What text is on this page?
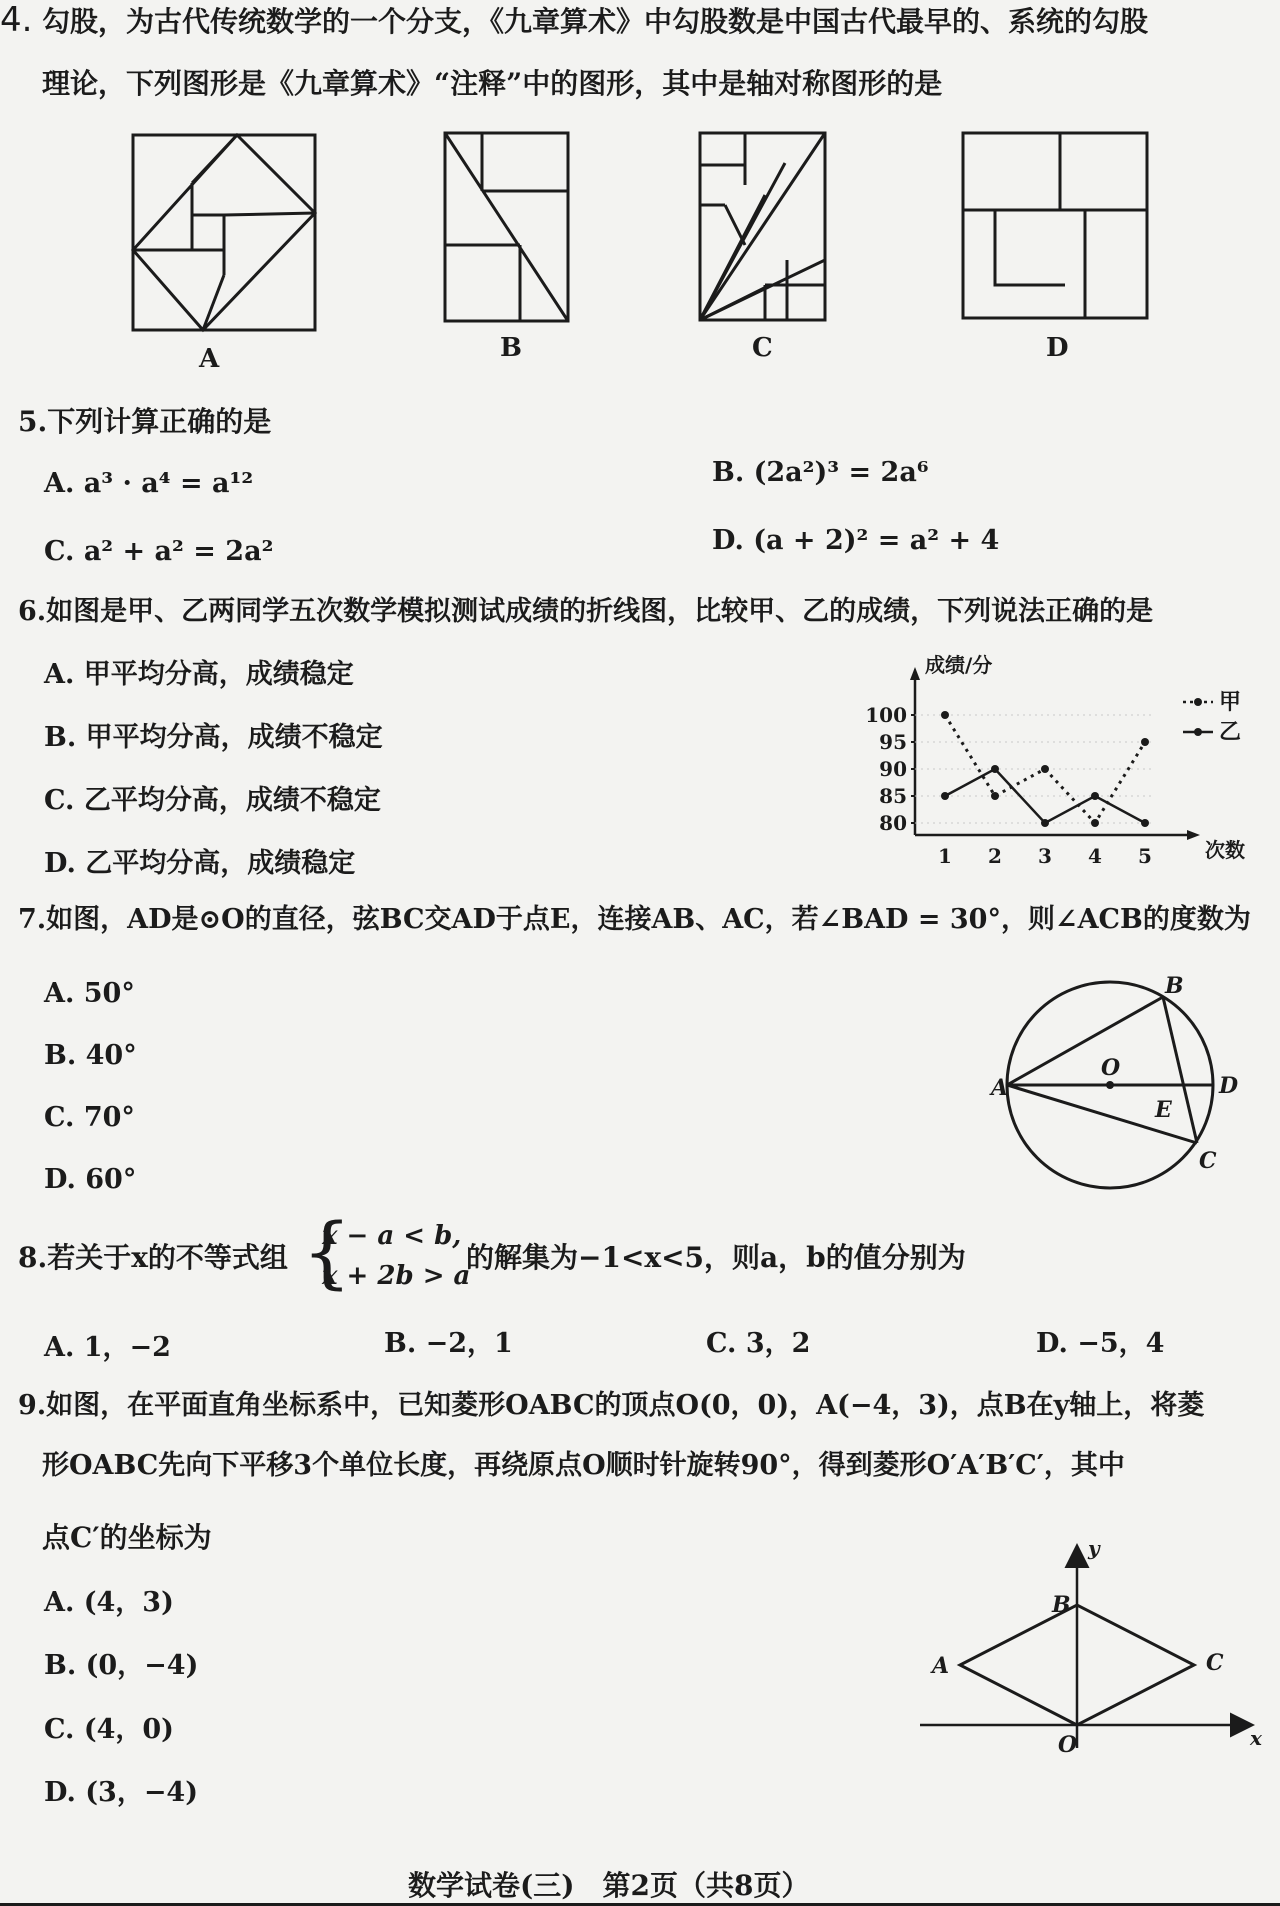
4. 勾股，为古代传统数学的一个分支，《九章算术》中勾股数是中国古代最早的、系统的勾股
理论，下列图形是《九章算术》“注释”中的图形，其中是轴对称图形的是
A	B	C	D
5.下列计算正确的是
A. a³ · a⁴ = a¹²	B. (2a²)³ = 2a⁶
C. a² + a² = 2a²	D. (a + 2)² = a² + 4
6.如图是甲、乙两同学五次数学模拟测试成绩的折线图，比较甲、乙的成绩，下列说法正确的是
A. 甲平均分高，成绩稳定
B. 甲平均分高，成绩不稳定
C. 乙平均分高，成绩不稳定
D. 乙平均分高，成绩稳定
成绩/分
次数
80
85
90
95
100
1 2 3 4 5
甲
乙
7.如图，AD是⊙O的直径，弦BC交AD于点E，连接AB、AC，若∠BAD = 30°，则∠ACB的度数为
A. 50°
B. 40°
C. 70°
D. 60°
A
B
C
D
O
E
8.若关于x的不等式组 {
x − a < b,
x + 2b > a
的解集为−1<x<5，则a，b的值分别为
A. 1，−2	B. −2，1	C. 3，2	D. −5，4
9.如图，在平面直角坐标系中，已知菱形OABC的顶点O(0，0)，A(−4，3)，点B在y轴上，将菱
形OABC先向下平移3个单位长度，再绕原点O顺时针旋转90°，得到菱形O′A′B′C′，其中
点C′的坐标为
A. (4，3)
B. (0，−4)
C. (4，0)
D. (3，−4)
y
x
B
A	C
O
数学试卷(三)　第2页（共8页）
